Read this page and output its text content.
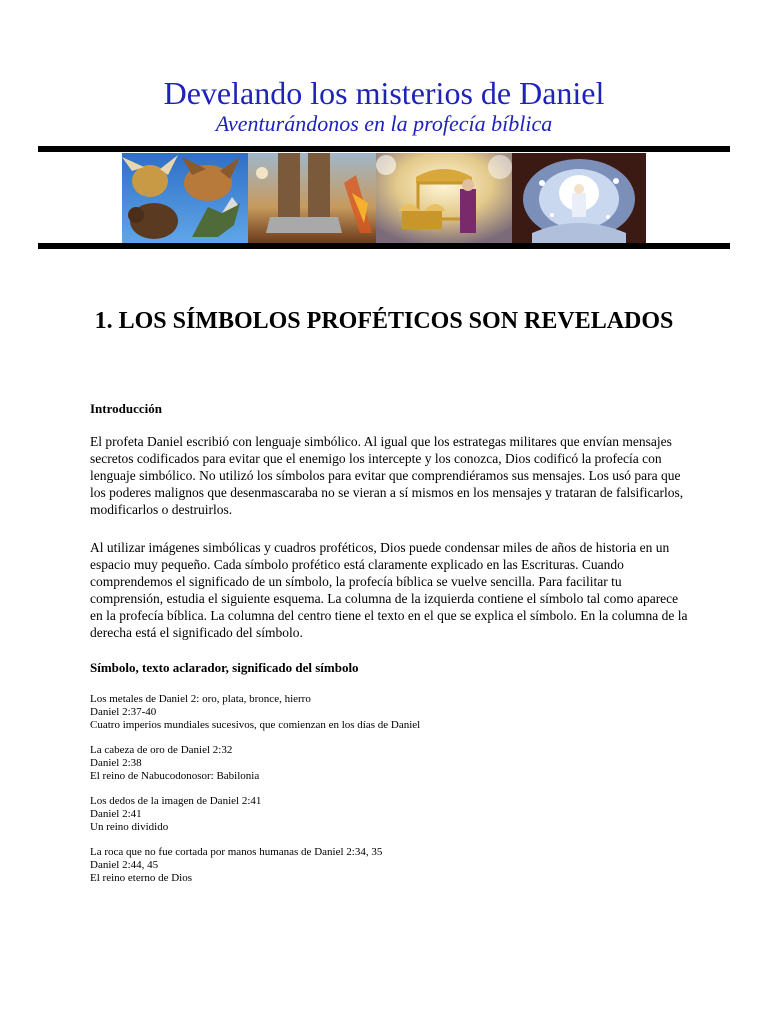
Develando los misterios de Daniel
Aventurándonos en la profecía bíblica
1. LOS SÍMBOLOS PROFÉTICOS SON REVELADOS
Introducción
El profeta Daniel escribió con lenguaje simbólico. Al igual que los estrategas militares que envían mensajes secretos codificados para evitar que el enemigo los intercepte y los conozca, Dios codificó la profecía con lenguaje simbólico. No utilizó los símbolos para evitar que comprendiéramos sus mensajes. Los usó para que los poderes malignos que desenmascaraba no se vieran a sí mismos en los mensajes y trataran de falsificarlos, modificarlos o destruirlos.
Al utilizar imágenes simbólicas y cuadros proféticos, Dios puede condensar miles de años de historia en un espacio muy pequeño. Cada símbolo profético está claramente explicado en las Escrituras. Cuando comprendemos el significado de un símbolo, la profecía bíblica se vuelve sencilla. Para facilitar tu comprensión, estudia el siguiente esquema. La columna de la izquierda contiene el símbolo tal como aparece en la profecía bíblica. La columna del centro tiene el texto en el que se explica el símbolo. En la columna de la derecha está el significado del símbolo.
Símbolo, texto aclarador, significado del símbolo
Los metales de Daniel 2: oro, plata, bronce, hierro
Daniel 2:37-40
Cuatro imperios mundiales sucesivos, que comienzan en los días de Daniel
La cabeza de oro de Daniel 2:32
Daniel 2:38
El reino de Nabucodonosor: Babilonia
Los dedos de la imagen de Daniel 2:41
Daniel 2:41
Un reino dividido
La roca que no fue cortada por manos humanas de Daniel 2:34, 35
Daniel 2:44, 45
El reino eterno de Dios
